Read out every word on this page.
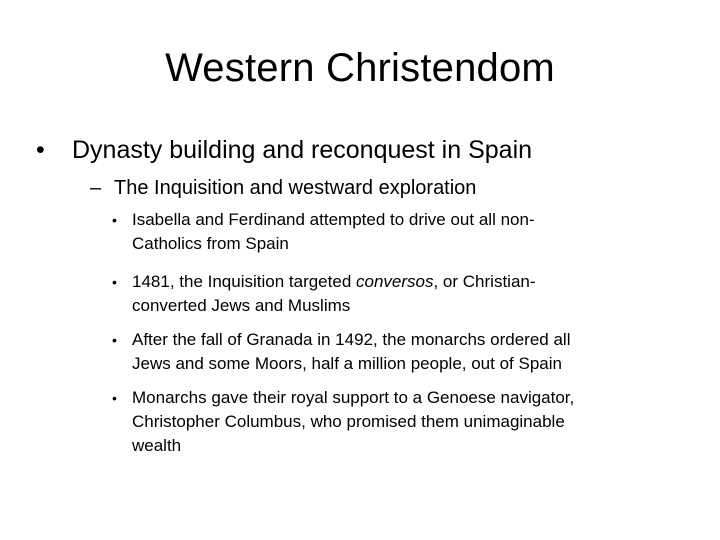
Western Christendom
• Dynasty building and reconquest in Spain
– The Inquisition and westward exploration
• Isabella and Ferdinand attempted to drive out all non-
Catholics from Spain
• 1481, the Inquisition targeted conversos, or Christian-
converted Jews and Muslims
• After the fall of Granada in 1492, the monarchs ordered all
Jews and some Moors, half a million people, out of Spain
• Monarchs gave their royal support to a Genoese navigator,
Christopher Columbus, who promised them unimaginable
wealth
